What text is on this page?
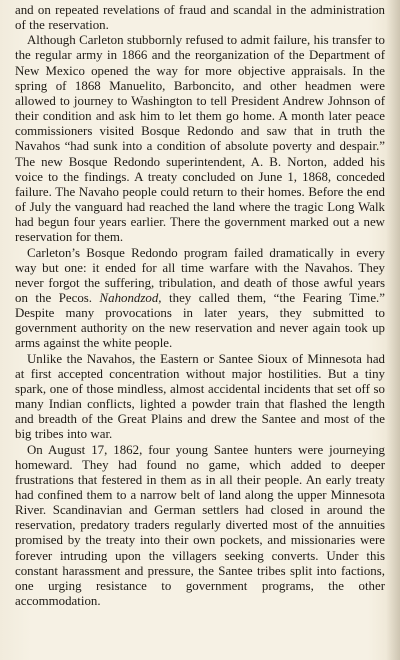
and on repeated revelations of fraud and scandal in the administration of the reservation.

Although Carleton stubbornly refused to admit failure, his transfer to the regular army in 1866 and the reorganization of the Department of New Mexico opened the way for more objective appraisals. In the spring of 1868 Manuelito, Barboncito, and other headmen were allowed to journey to Washington to tell President Andrew Johnson of their condition and ask him to let them go home. A month later peace commissioners visited Bosque Redondo and saw that in truth the Navahos “had sunk into a condition of absolute poverty and despair.” The new Bosque Redondo superintendent, A. B. Norton, added his voice to the findings. A treaty concluded on June 1, 1868, conceded failure. The Navaho people could return to their homes. Before the end of July the vanguard had reached the land where the tragic Long Walk had begun four years earlier. There the government marked out a new reservation for them.

Carleton’s Bosque Redondo program failed dramatically in every way but one: it ended for all time warfare with the Navahos. They never forgot the suffering, tribulation, and death of those awful years on the Pecos. Nahondzod, they called them, “the Fearing Time.” Despite many provocations in later years, they submitted to government authority on the new reservation and never again took up arms against the white people.

Unlike the Navahos, the Eastern or Santee Sioux of Minnesota had at first accepted concentration without major hostilities. But a tiny spark, one of those mindless, almost accidental incidents that set off so many Indian conflicts, lighted a powder train that flashed the length and breadth of the Great Plains and drew the Santee and most of the big tribes into war.

On August 17, 1862, four young Santee hunters were journeying homeward. They had found no game, which added to deeper frustrations that festered in them as in all their people. An early treaty had confined them to a narrow belt of land along the upper Minnesota River. Scandinavian and German settlers had closed in around the reservation, predatory traders regularly diverted most of the annuities promised by the treaty into their own pockets, and missionaries were forever intruding upon the villagers seeking converts. Under this constant harassment and pressure, the Santee tribes split into factions, one urging resistance to government programs, the other accommodation.
